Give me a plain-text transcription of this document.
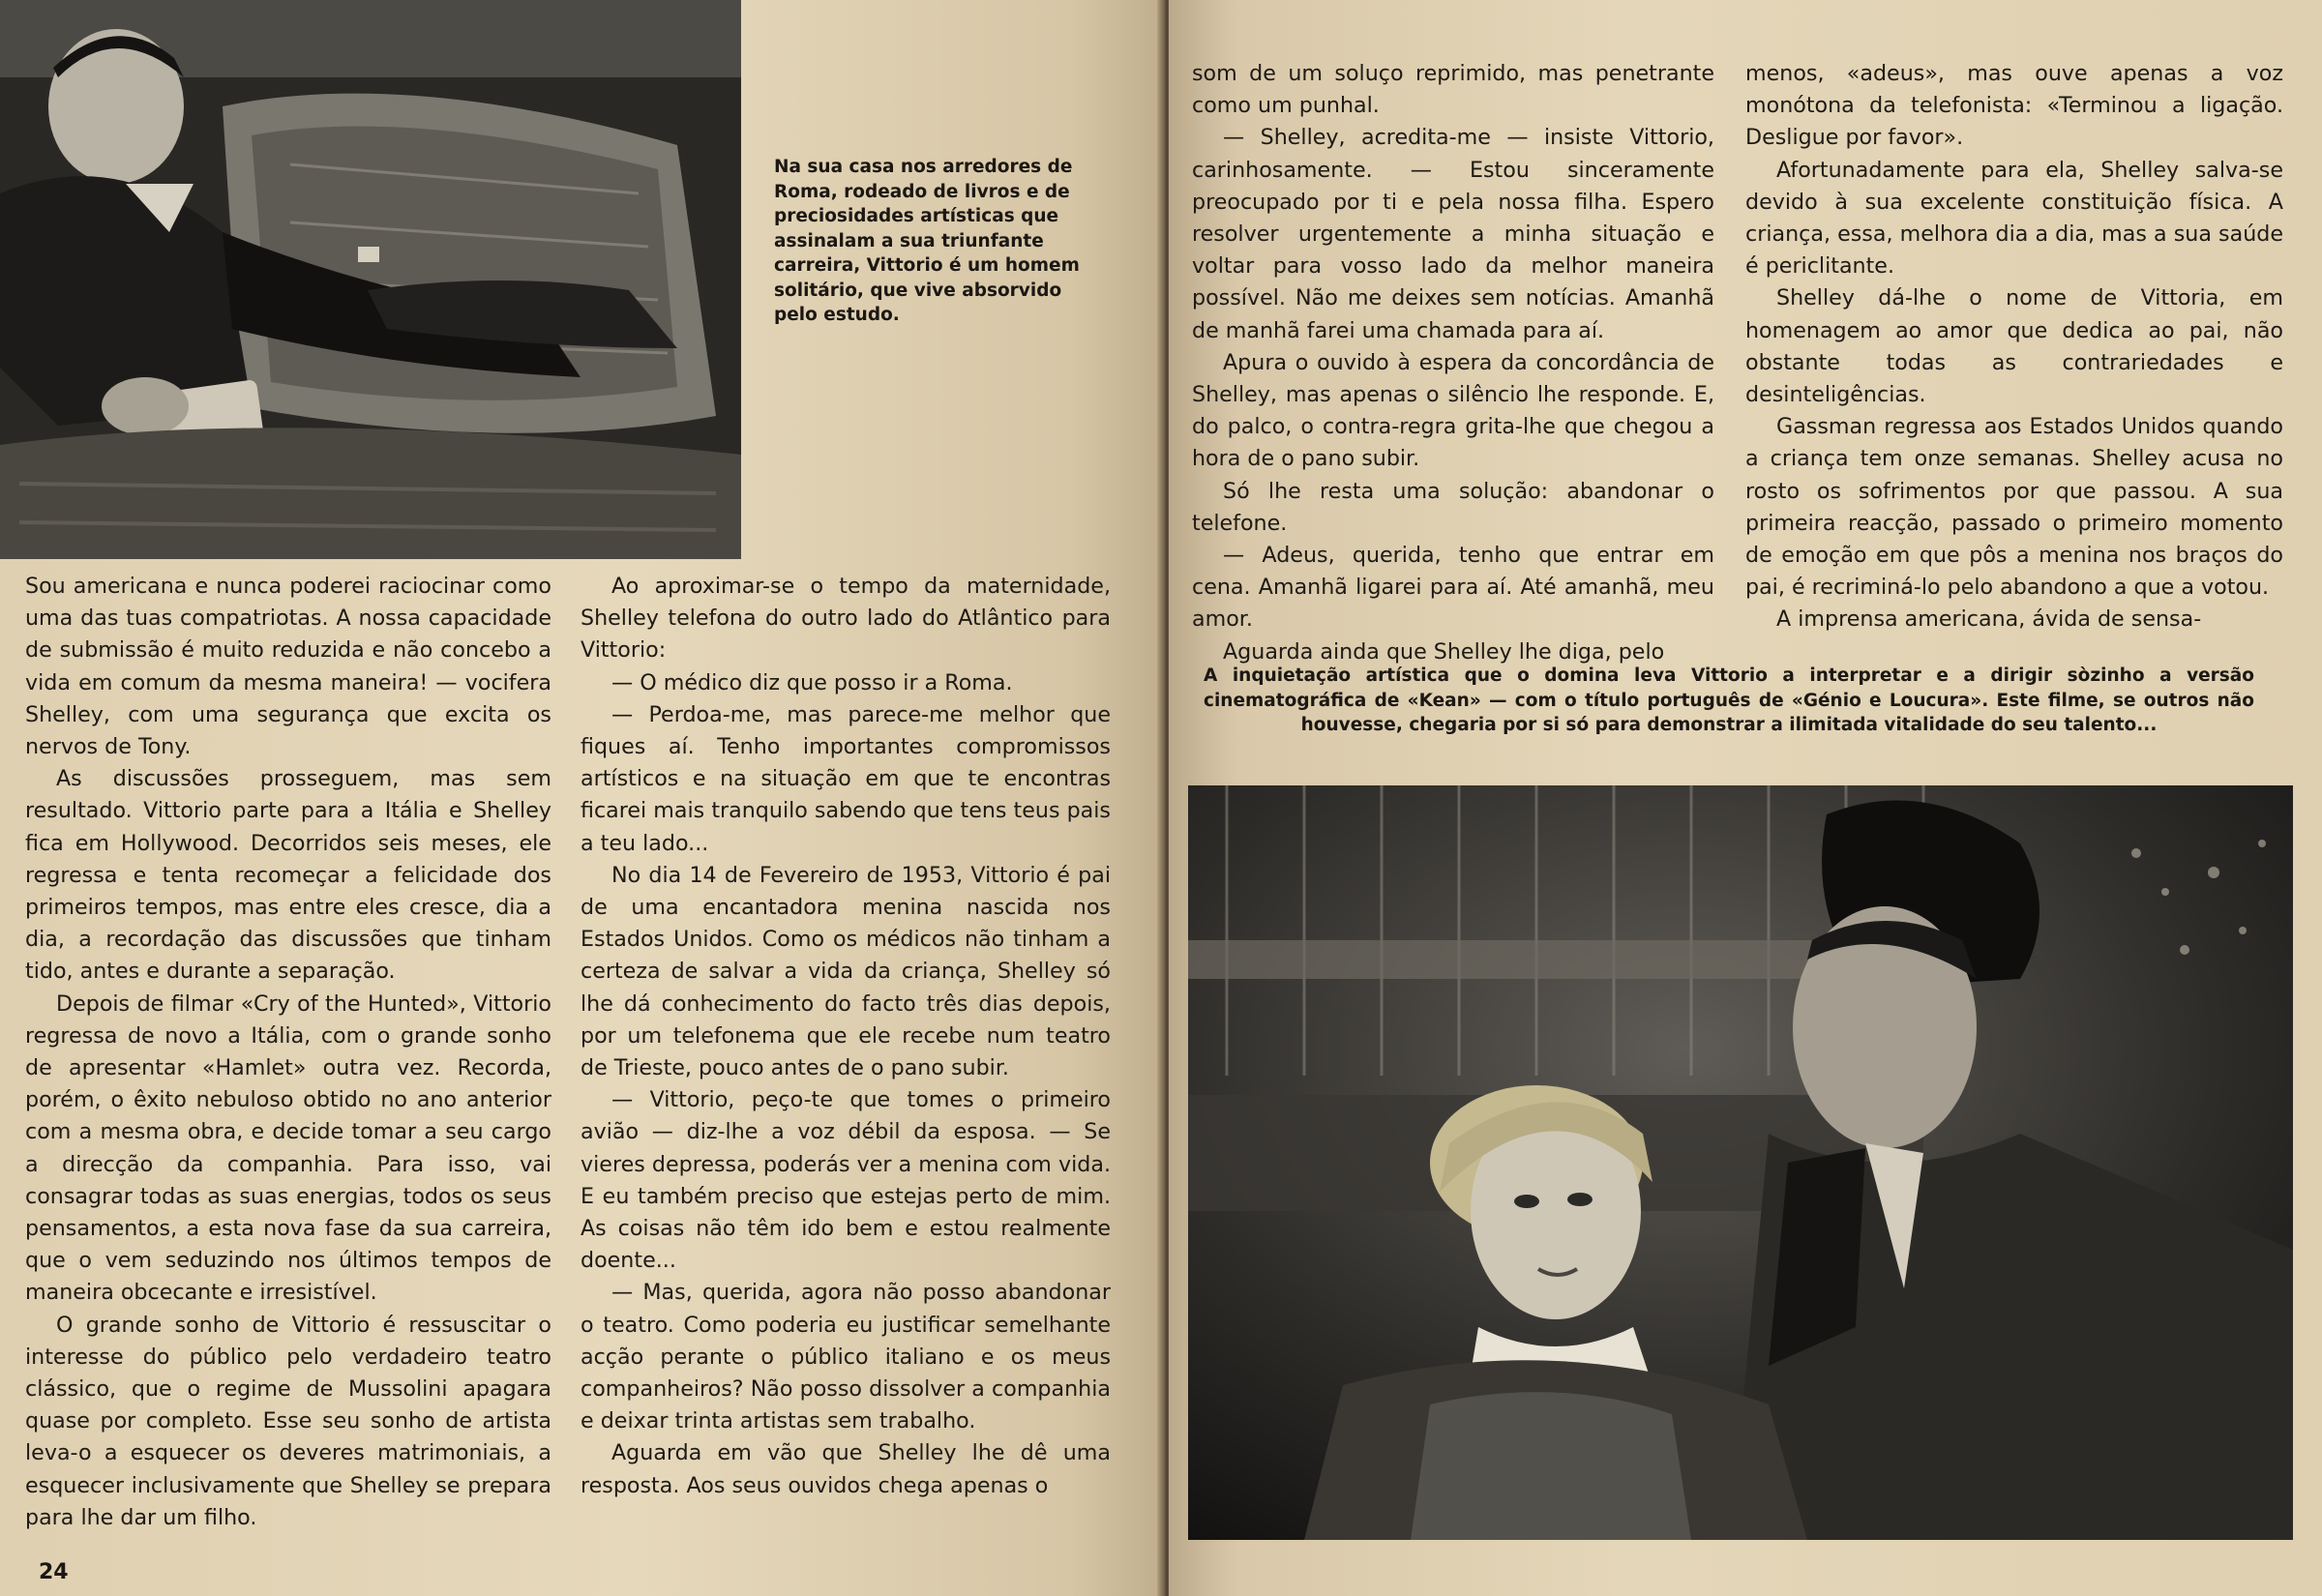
Na sua casa nos arredores de Roma, rodeado de livros e de preciosidades artísticas que assinalam a sua triunfante carreira, Vittorio é um homem solitário, que vive absorvido pelo estudo.

Sou americana e nunca poderei raciocinar como uma das tuas compatriotas. A nossa capacidade de submissão é muito reduzida e não concebo a vida em comum da mesma maneira! — vocifera Shelley, com uma segurança que excita os nervos de Tony.

As discussões prosseguem, mas sem resultado. Vittorio parte para a Itália e Shelley fica em Hollywood. Decorridos seis meses, ele regressa e tenta recomeçar a felicidade dos primeiros tempos, mas entre eles cresce, dia a dia, a recordação das discussões que tinham tido, antes e durante a separação.

Depois de filmar «Cry of the Hunted», Vittorio regressa de novo a Itália, com o grande sonho de apresentar «Hamlet» outra vez. Recorda, porém, o êxito nebuloso obtido no ano anterior com a mesma obra, e decide tomar a seu cargo a direcção da companhia. Para isso, vai consagrar todas as suas energias, todos os seus pensamentos, a esta nova fase da sua carreira, que o vem seduzindo nos últimos tempos de maneira obcecante e irresistível.

O grande sonho de Vittorio é ressuscitar o interesse do público pelo verdadeiro teatro clássico, que o regime de Mussolini apagara quase por completo. Esse seu sonho de artista leva-o a esquecer os deveres matrimoniais, a esquecer inclusivamente que Shelley se prepara para lhe dar um filho.

Ao aproximar-se o tempo da maternidade, Shelley telefona do outro lado do Atlântico para Vittorio:

— O médico diz que posso ir a Roma.

— Perdoa-me, mas parece-me melhor que fiques aí. Tenho importantes compromissos artísticos e na situação em que te encontras ficarei mais tranquilo sabendo que tens teus pais a teu lado...

No dia 14 de Fevereiro de 1953, Vittorio é pai de uma encantadora menina nascida nos Estados Unidos. Como os médicos não tinham a certeza de salvar a vida da criança, Shelley só lhe dá conhecimento do facto três dias depois, por um telefonema que ele recebe num teatro de Trieste, pouco antes de o pano subir.

— Vittorio, peço-te que tomes o primeiro avião — diz-lhe a voz débil da esposa. — Se vieres depressa, poderás ver a menina com vida. E eu também preciso que estejas perto de mim. As coisas não têm ido bem e estou realmente doente...

— Mas, querida, agora não posso abandonar o teatro. Como poderia eu justificar semelhante acção perante o público italiano e os meus companheiros? Não posso dissolver a companhia e deixar trinta artistas sem trabalho.

Aguarda em vão que Shelley lhe dê uma resposta. Aos seus ouvidos chega apenas o

24

som de um soluço reprimido, mas penetrante como um punhal.

— Shelley, acredita-me — insiste Vittorio, carinhosamente. — Estou sinceramente preocupado por ti e pela nossa filha. Espero resolver urgentemente a minha situação e voltar para vosso lado da melhor maneira possível. Não me deixes sem notícias. Amanhã de manhã farei uma chamada para aí.

Apura o ouvido à espera da concordância de Shelley, mas apenas o silêncio lhe responde. E, do palco, o contra-regra grita-lhe que chegou a hora de o pano subir.

Só lhe resta uma solução: abandonar o telefone.

— Adeus, querida, tenho que entrar em cena. Amanhã ligarei para aí. Até amanhã, meu amor.

Aguarda ainda que Shelley lhe diga, pelo

menos, «adeus», mas ouve apenas a voz monótona da telefonista: «Terminou a ligação. Desligue por favor».

Afortunadamente para ela, Shelley salva-se devido à sua excelente constituição física. A criança, essa, melhora dia a dia, mas a sua saúde é periclitante.

Shelley dá-lhe o nome de Vittoria, em homenagem ao amor que dedica ao pai, não obstante todas as contrariedades e desinteligências.

Gassman regressa aos Estados Unidos quando a criança tem onze semanas. Shelley acusa no rosto os sofrimentos por que passou. A sua primeira reacção, passado o primeiro momento de emoção em que pôs a menina nos braços do pai, é recriminá-lo pelo abandono a que a votou.

A imprensa americana, ávida de sensa-

A inquietação artística que o domina leva Vittorio a interpretar e a dirigir sòzinho a versão cinematográfica de «Kean» — com o título português de «Génio e Loucura». Este filme, se outros não houvesse, chegaria por si só para demonstrar a ilimitada vitalidade do seu talento...
